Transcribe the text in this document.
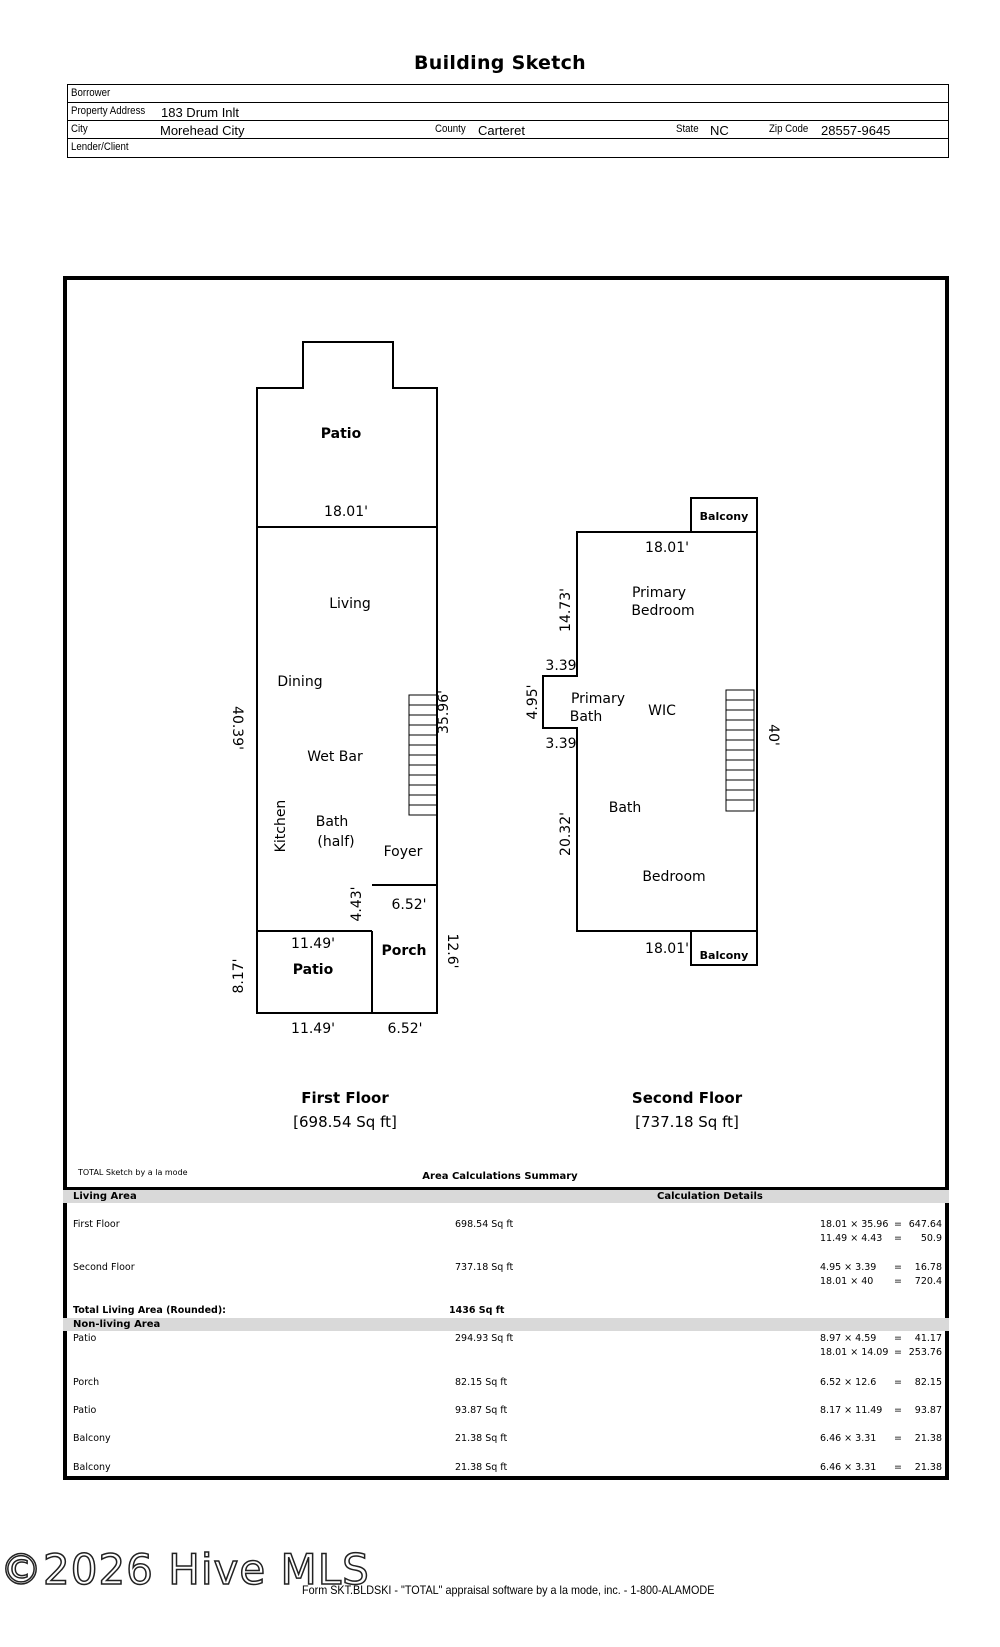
Building Sketch
Borrower
Property Address 183 Drum Inlt
City	Morehead City	County Carteret	State NC	Zip Code 28557-9645
Lender/Client
Patio
18.01'
Living
Dining
Wet Bar
Bath
(half)
Foyer
Kitchen
40.39'	35.96'
4.43' 6.52'
11.49'
Patio
Porch
8.17'
12.6'
11.49'	6.52'
First Floor
[698.54 Sq ft]
Balcony
18.01'
Primary
Bedroom
14.73'
3.39
4.95' Primary
Bath	WIC
40'
3.39
20.32'
Bath
Bedroom
18.01' Balcony
Second Floor
[737.18 Sq ft]
TOTAL Sketch by a la mode	Area Calculations Summary
Living Area	Calculation Details
First Floor	698.54 Sq ft	18.01 × 35.96 = 647.64
11.49 × 4.43 = 50.9
Second Floor	737.18 Sq ft	4.95 × 3.39 = 16.78
18.01 × 40 = 720.4
Total Living Area (Rounded):	1436 Sq ft
Non-living Area
Patio	294.93 Sq ft	8.97 × 4.59 = 41.17
18.01 × 14.09 = 253.76
Porch	82.15 Sq ft	6.52 × 12.6 = 82.15
Patio	93.87 Sq ft	8.17 × 11.49 = 93.87
Balcony	21.38 Sq ft	6.46 × 3.31 = 21.38
Balcony	21.38 Sq ft	6.46 × 3.31 = 21.38
Form SKT.BLDSKI - "TOTAL" appraisal software by a la mode, inc. - 1-800-ALAMODE
©2026 Hive MLS
